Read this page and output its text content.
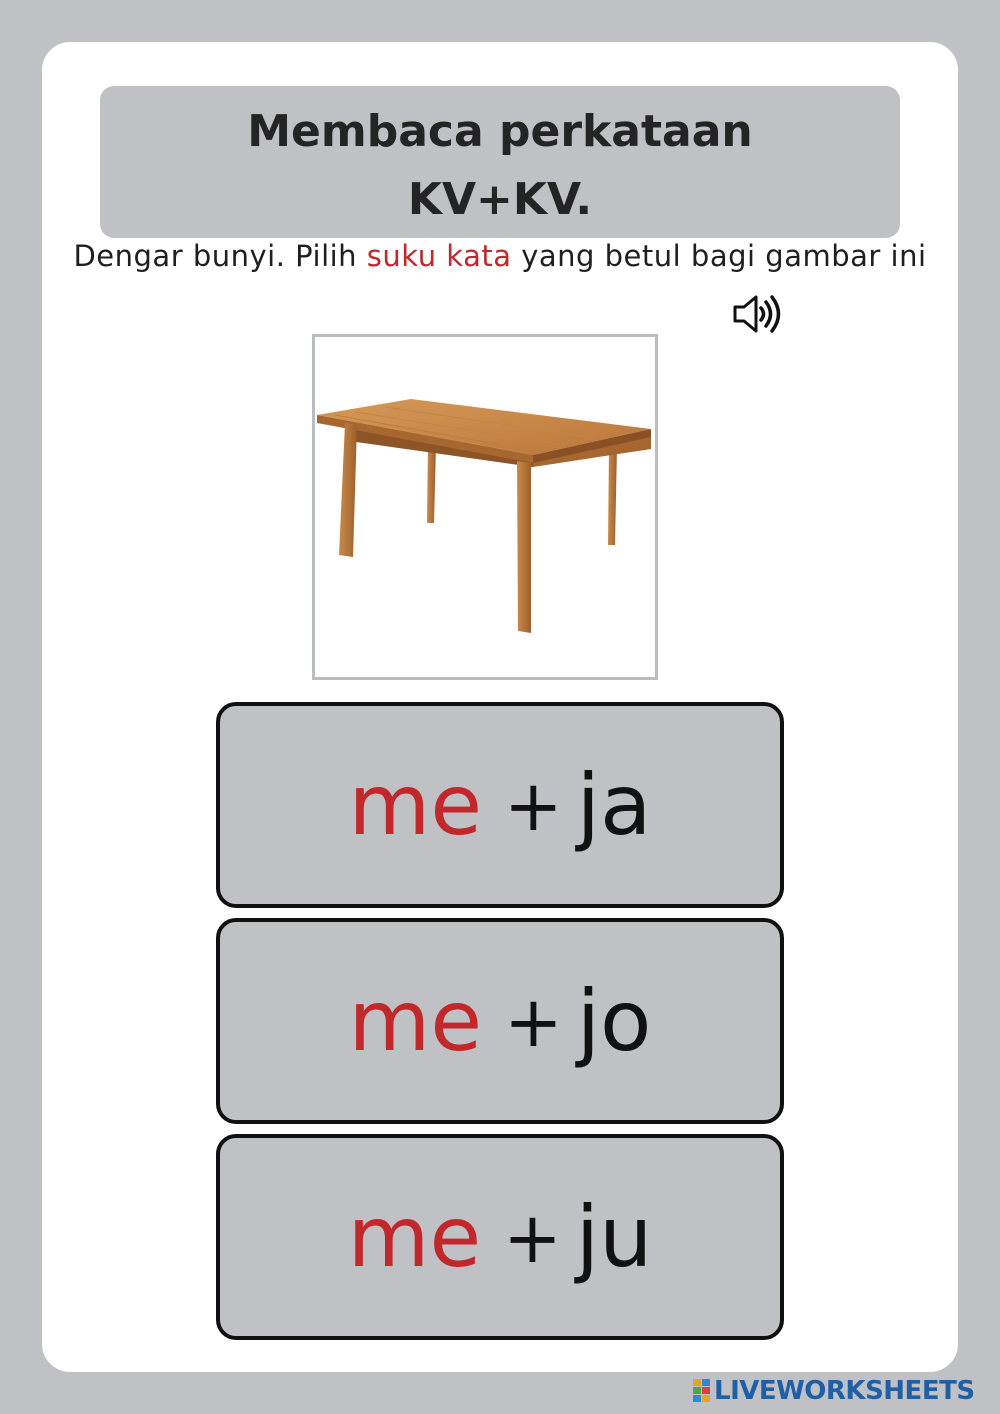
Membaca perkataan
KV+KV.
Dengar bunyi. Pilih suku kata yang betul bagi gambar ini
me + ja
me + jo
me + ju
LIVEWORKSHEETS
